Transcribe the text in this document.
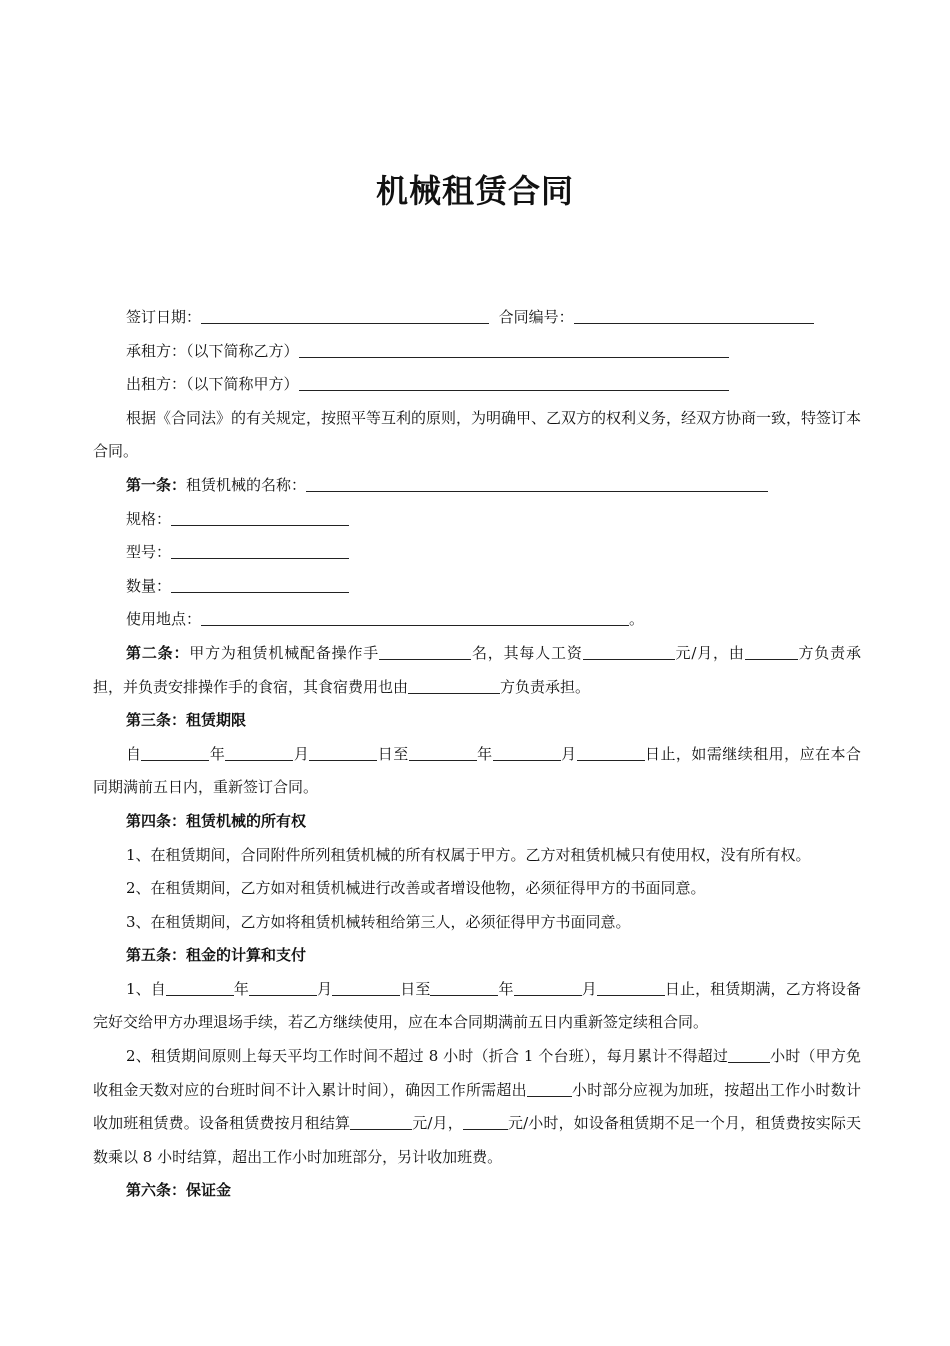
机械租赁合同

签订日期：	合同编号：

承租方：（以下简称乙方）

出租方：（以下简称甲方）

根据《合同法》的有关规定，按照平等互利的原则，为明确甲、乙双方的权利义务，经双方协商一致，特签订本合同。

第一条：租赁机械的名称：

规格：

型号：

数量：

使用地点：	。

第二条：甲方为租赁机械配备操作手	名，其每人工资	元/月，由	方负责承担，并负责安排操作手的食宿，其食宿费用也由	方负责承担。

第三条：租赁期限

自	年	月	日至	年	月	日止，如需继续租用，应在本合同期满前五日内，重新签订合同。

第四条：租赁机械的所有权

1、在租赁期间，合同附件所列租赁机械的所有权属于甲方。乙方对租赁机械只有使用权，没有所有权。

2、在租赁期间，乙方如对租赁机械进行改善或者增设他物，必须征得甲方的书面同意。

3、在租赁期间，乙方如将租赁机械转租给第三人，必须征得甲方书面同意。

第五条：租金的计算和支付

1、自	年	月	日至	年	月	日止，租赁期满，乙方将设备完好交给甲方办理退场手续，若乙方继续使用，应在本合同期满前五日内重新签定续租合同。

2、租赁期间原则上每天平均工作时间不超过 8 小时（折合 1 个台班），每月累计不得超过	小时（甲方免收租金天数对应的台班时间不计入累计时间），确因工作所需超出	小时部分应视为加班，按超出工作小时数计收加班租赁费。设备租赁费按月租结算	元/月，	元/小时，如设备租赁期不足一个月，租赁费按实际天数乘以 8 小时结算，超出工作小时加班部分，另计收加班费。

第六条：保证金
